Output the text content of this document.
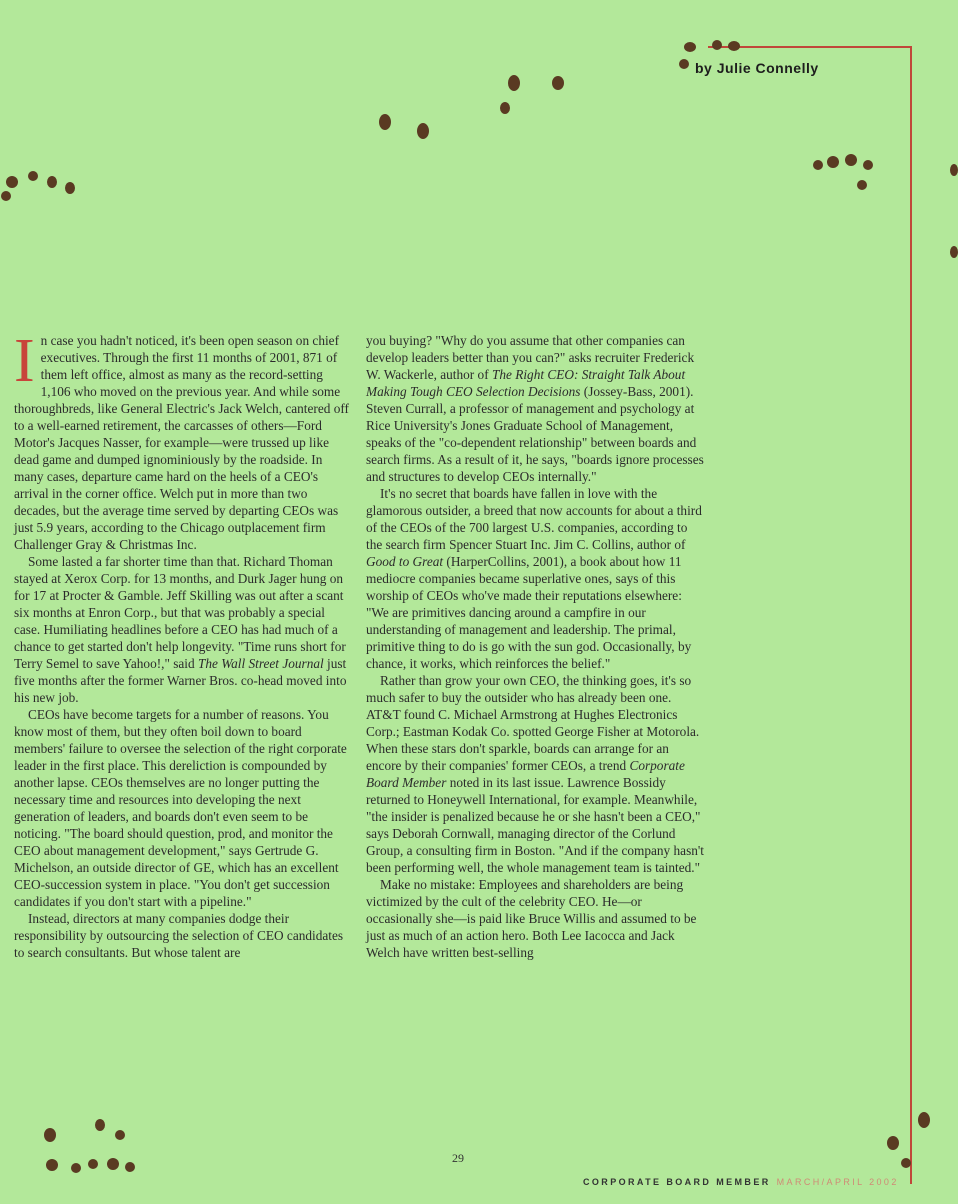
by Julie Connelly

In case you hadn't noticed, it's been open season on chief executives. Through the first 11 months of 2001, 871 of them left office, almost as many as the record-setting 1,106 who moved on the previous year. And while some thoroughbreds, like General Electric's Jack Welch, cantered off to a well-earned retirement, the carcasses of others—Ford Motor's Jacques Nasser, for example—were trussed up like dead game and dumped ignominiously by the roadside. In many cases, departure came hard on the heels of a CEO's arrival in the corner office. Welch put in more than two decades, but the average time served by departing CEOs was just 5.9 years, according to the Chicago outplacement firm Challenger Gray & Christmas Inc.

Some lasted a far shorter time than that. Richard Thoman stayed at Xerox Corp. for 13 months, and Durk Jager hung on for 17 at Procter & Gamble. Jeff Skilling was out after a scant six months at Enron Corp., but that was probably a special case. Humiliating headlines before a CEO has had much of a chance to get started don't help longevity. "Time runs short for Terry Semel to save Yahoo!," said The Wall Street Journal just five months after the former Warner Bros. co-head moved into his new job.

CEOs have become targets for a number of reasons. You know most of them, but they often boil down to board members' failure to oversee the selection of the right corporate leader in the first place. This dereliction is compounded by another lapse. CEOs themselves are no longer putting the necessary time and resources into developing the next generation of leaders, and boards don't even seem to be noticing. "The board should question, prod, and monitor the CEO about management development," says Gertrude G. Michelson, an outside director of GE, which has an excellent CEO-succession system in place. "You don't get succession candidates if you don't start with a pipeline."

Instead, directors at many companies dodge their responsibility by outsourcing the selection of CEO candidates to search consultants. But whose talent are

you buying? "Why do you assume that other companies can develop leaders better than you can?" asks recruiter Frederick W. Wackerle, author of The Right CEO: Straight Talk About Making Tough CEO Selection Decisions (Jossey-Bass, 2001). Steven Currall, a professor of management and psychology at Rice University's Jones Graduate School of Management, speaks of the "co-dependent relationship" between boards and search firms. As a result of it, he says, "boards ignore processes and structures to develop CEOs internally."

It's no secret that boards have fallen in love with the glamorous outsider, a breed that now accounts for about a third of the CEOs of the 700 largest U.S. companies, according to the search firm Spencer Stuart Inc. Jim C. Collins, author of Good to Great (HarperCollins, 2001), a book about how 11 mediocre companies became superlative ones, says of this worship of CEOs who've made their reputations elsewhere: "We are primitives dancing around a campfire in our understanding of management and leadership. The primal, primitive thing to do is go with the sun god. Occasionally, by chance, it works, which reinforces the belief."

Rather than grow your own CEO, the thinking goes, it's so much safer to buy the outsider who has already been one. AT&T found C. Michael Armstrong at Hughes Electronics Corp.; Eastman Kodak Co. spotted George Fisher at Motorola. When these stars don't sparkle, boards can arrange for an encore by their companies' former CEOs, a trend Corporate Board Member noted in its last issue. Lawrence Bossidy returned to Honeywell International, for example. Meanwhile, "the insider is penalized because he or she hasn't been a CEO," says Deborah Cornwall, managing director of the Corlund Group, a consulting firm in Boston. "And if the company hasn't been performing well, the whole management team is tainted."

Make no mistake: Employees and shareholders are being victimized by the cult of the celebrity CEO. He—or occasionally she—is paid like Bruce Willis and assumed to be just as much of an action hero. Both Lee Iacocca and Jack Welch have written best-selling

29
CORPORATE BOARD MEMBER MARCH/APRIL 2002
